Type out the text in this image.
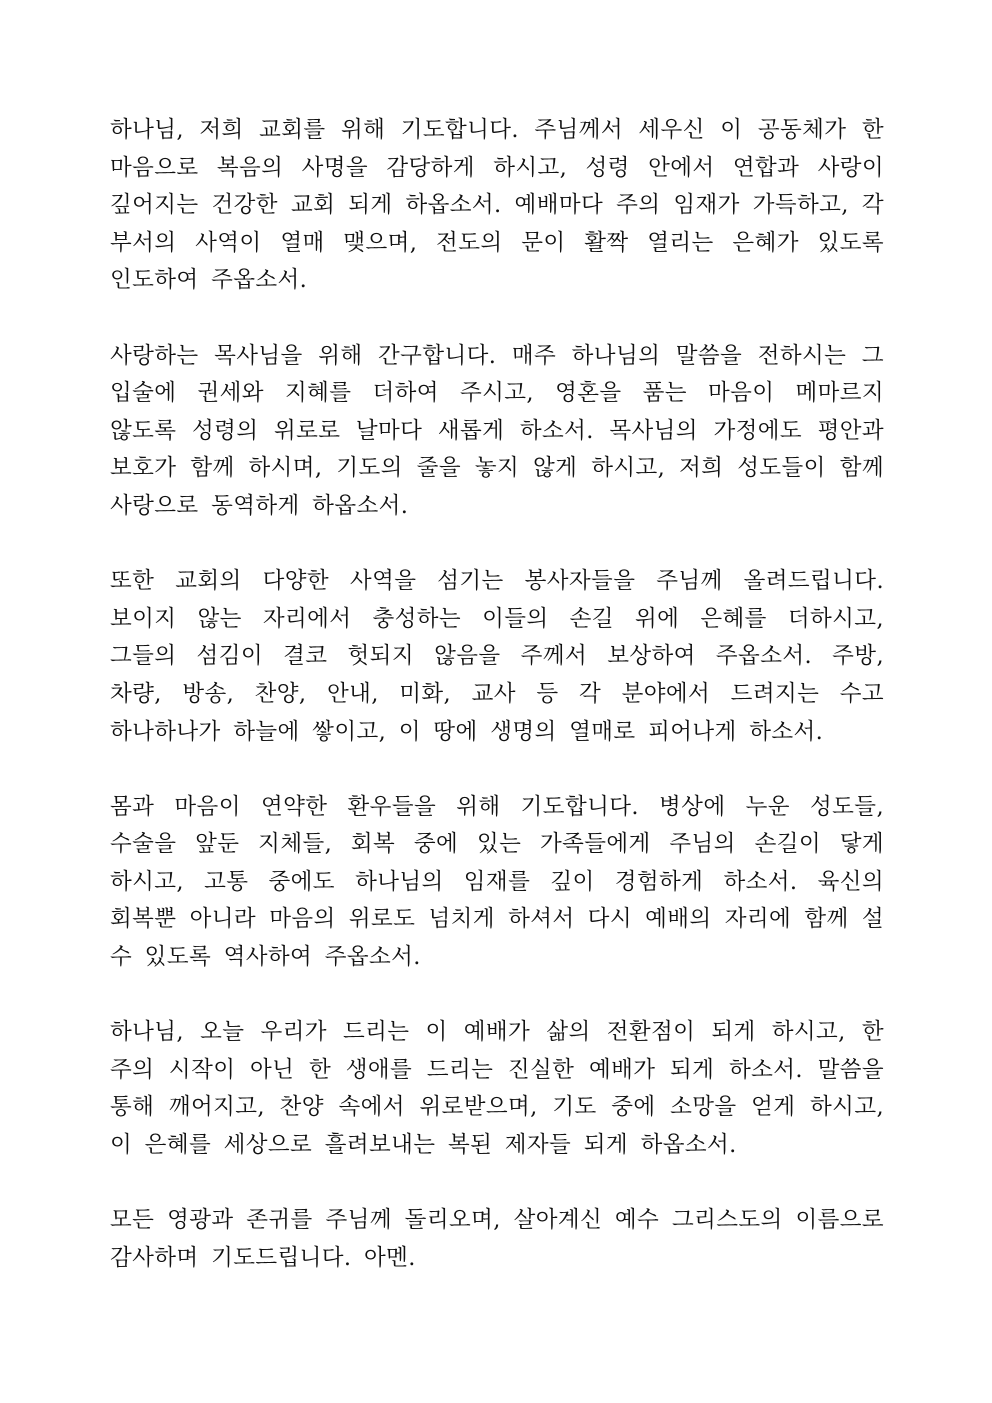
하나님, 저희 교회를 위해 기도합니다. 주님께서 세우신 이 공동체가 한 마음으로 복음의 사명을 감당하게 하시고, 성령 안에서 연합과 사랑이 깊어지는 건강한 교회 되게 하옵소서. 예배마다 주의 임재가 가득하고, 각 부서의 사역이 열매 맺으며, 전도의 문이 활짝 열리는 은혜가 있도록 인도하여 주옵소서.

사랑하는 목사님을 위해 간구합니다. 매주 하나님의 말씀을 전하시는 그 입술에 권세와 지혜를 더하여 주시고, 영혼을 품는 마음이 메마르지 않도록 성령의 위로로 날마다 새롭게 하소서. 목사님의 가정에도 평안과 보호가 함께 하시며, 기도의 줄을 놓지 않게 하시고, 저희 성도들이 함께 사랑으로 동역하게 하옵소서.

또한 교회의 다양한 사역을 섬기는 봉사자들을 주님께 올려드립니다. 보이지 않는 자리에서 충성하는 이들의 손길 위에 은혜를 더하시고, 그들의 섬김이 결코 헛되지 않음을 주께서 보상하여 주옵소서. 주방, 차량, 방송, 찬양, 안내, 미화, 교사 등 각 분야에서 드려지는 수고 하나하나가 하늘에 쌓이고, 이 땅에 생명의 열매로 피어나게 하소서.

몸과 마음이 연약한 환우들을 위해 기도합니다. 병상에 누운 성도들, 수술을 앞둔 지체들, 회복 중에 있는 가족들에게 주님의 손길이 닿게 하시고, 고통 중에도 하나님의 임재를 깊이 경험하게 하소서. 육신의 회복뿐 아니라 마음의 위로도 넘치게 하셔서 다시 예배의 자리에 함께 설 수 있도록 역사하여 주옵소서.

하나님, 오늘 우리가 드리는 이 예배가 삶의 전환점이 되게 하시고, 한 주의 시작이 아닌 한 생애를 드리는 진실한 예배가 되게 하소서. 말씀을 통해 깨어지고, 찬양 속에서 위로받으며, 기도 중에 소망을 얻게 하시고, 이 은혜를 세상으로 흘려보내는 복된 제자들 되게 하옵소서.

모든 영광과 존귀를 주님께 돌리오며, 살아계신 예수 그리스도의 이름으로 감사하며 기도드립니다. 아멘.
